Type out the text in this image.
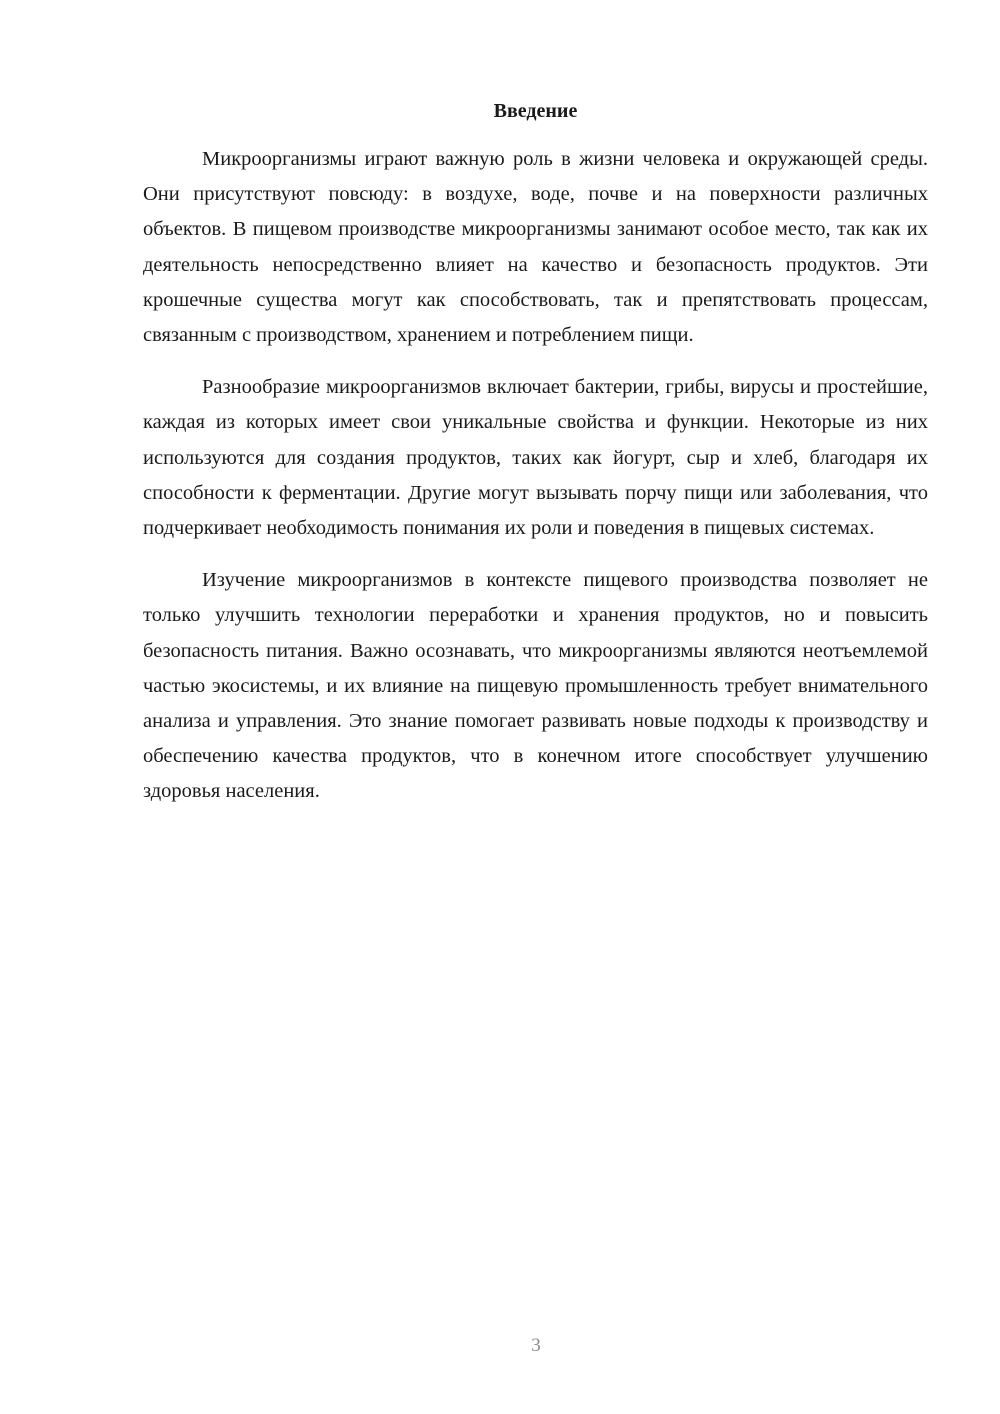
Введение

Микроорганизмы играют важную роль в жизни человека и окружающей среды. Они присутствуют повсюду: в воздухе, воде, почве и на поверхности различных объектов. В пищевом производстве микроорганизмы занимают особое место, так как их деятельность непосредственно влияет на качество и безопасность продуктов. Эти крошечные существа могут как способствовать, так и препятствовать процессам, связанным с производством, хранением и потреблением пищи.

Разнообразие микроорганизмов включает бактерии, грибы, вирусы и простейшие, каждая из которых имеет свои уникальные свойства и функции. Некоторые из них используются для создания продуктов, таких как йогурт, сыр и хлеб, благодаря их способности к ферментации. Другие могут вызывать порчу пищи или заболевания, что подчеркивает необходимость понимания их роли и поведения в пищевых системах.

Изучение микроорганизмов в контексте пищевого производства позволяет не только улучшить технологии переработки и хранения продуктов, но и повысить безопасность питания. Важно осознавать, что микроорганизмы являются неотъемлемой частью экосистемы, и их влияние на пищевую промышленность требует внимательного анализа и управления. Это знание помогает развивать новые подходы к производству и обеспечению качества продуктов, что в конечном итоге способствует улучшению здоровья населения.

3
